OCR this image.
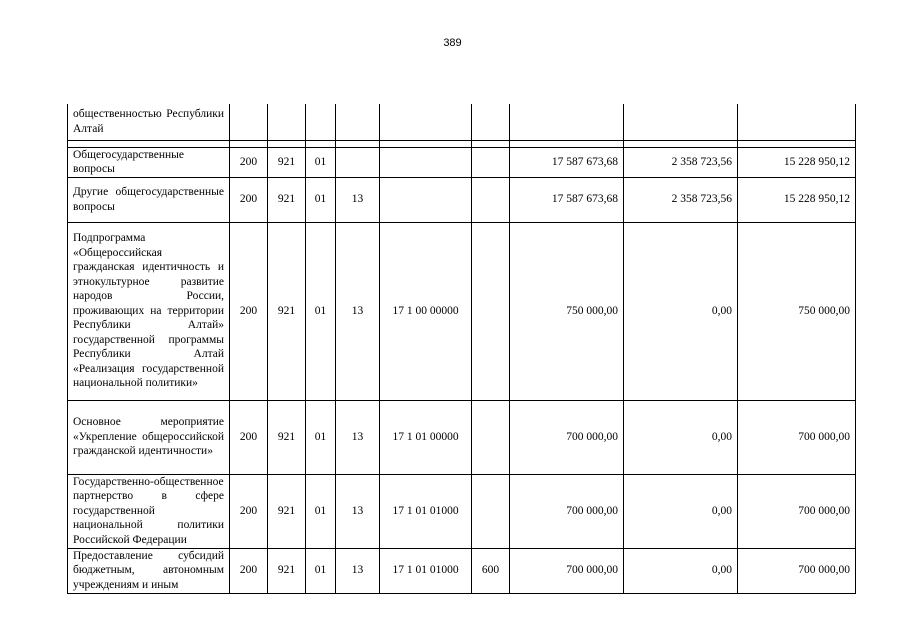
389
общественностью Республики Алтай									

Общегосударственные вопросы	200	921	01				17 587 673,68	2 358 723,56	15 228 950,12
Другие общегосударственные вопросы	200	921	01	13			17 587 673,68	2 358 723,56	15 228 950,12
Подпрограмма «Общероссийская гражданская идентичность и этнокультурное развитие народов России, проживающих на территории Республики Алтай» государственной программы Республики Алтай «Реализация государственной национальной политики»	200	921	01	13	17 1 00 00000		750 000,00	0,00	750 000,00
Основное мероприятие «Укрепление общероссийской гражданской идентичности»	200	921	01	13	17 1 01 00000		700 000,00	0,00	700 000,00
Государственно-общественное партнерство в сфере государственной национальной политики Российской Федерации	200	921	01	13	17 1 01 01000		700 000,00	0,00	700 000,00
Предоставление субсидий бюджетным, автономным учреждениям и иным	200	921	01	13	17 1 01 01000	600	700 000,00	0,00	700 000,00
